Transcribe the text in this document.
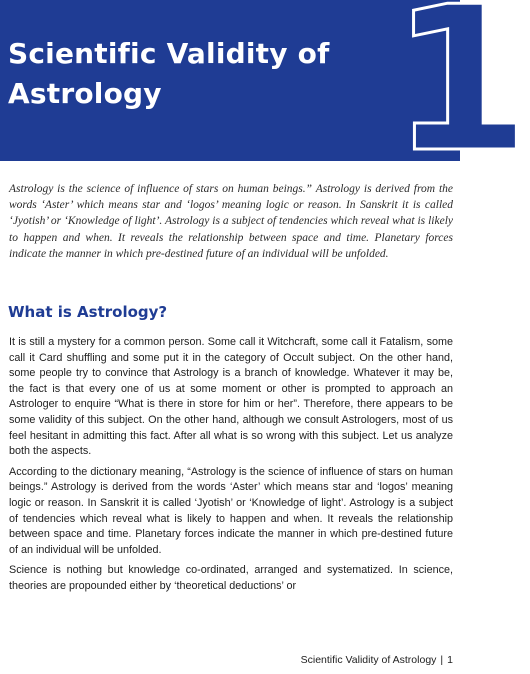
Scientific Validity of Astrology	1

Astrology is the science of influence of stars on human beings.” Astrology is derived from the words ‘Aster’ which means star and ‘logos’ meaning logic or reason. In Sanskrit it is called ‘Jyotish’ or ‘Knowledge of light’. Astrology is a subject of tendencies which reveal what is likely to happen and when. It reveals the relationship between space and time. Planetary forces indicate the manner in which pre-destined future of an individual will be unfolded.

What is Astrology?

It is still a mystery for a common person. Some call it Witchcraft, some call it Fatalism, some call it Card shuffling and some put it in the category of Occult subject. On the other hand, some people try to convince that Astrology is a branch of knowledge. Whatever it may be, the fact is that every one of us at some moment or other is prompted to approach an Astrologer to enquire “What is there in store for him or her”. Therefore, there appears to be some validity of this subject. On the other hand, although we consult Astrologers, most of us feel hesitant in admitting this fact. After all what is so wrong with this subject. Let us analyze both the aspects.

According to the dictionary meaning, “Astrology is the science of influence of stars on human beings.” Astrology is derived from the words ‘Aster’ which means star and ‘logos’ meaning logic or reason. In Sanskrit it is called ‘Jyotish’ or ‘Knowledge of light’. Astrology is a subject of tendencies which reveal what is likely to happen and when. It reveals the relationship between space and time. Planetary forces indicate the manner in which pre-destined future of an individual will be unfolded.

Science is nothing but knowledge co-ordinated, arranged and systematized. In science, theories are propounded either by ‘theoretical deductions’ or

Scientific Validity of Astrology | 1
